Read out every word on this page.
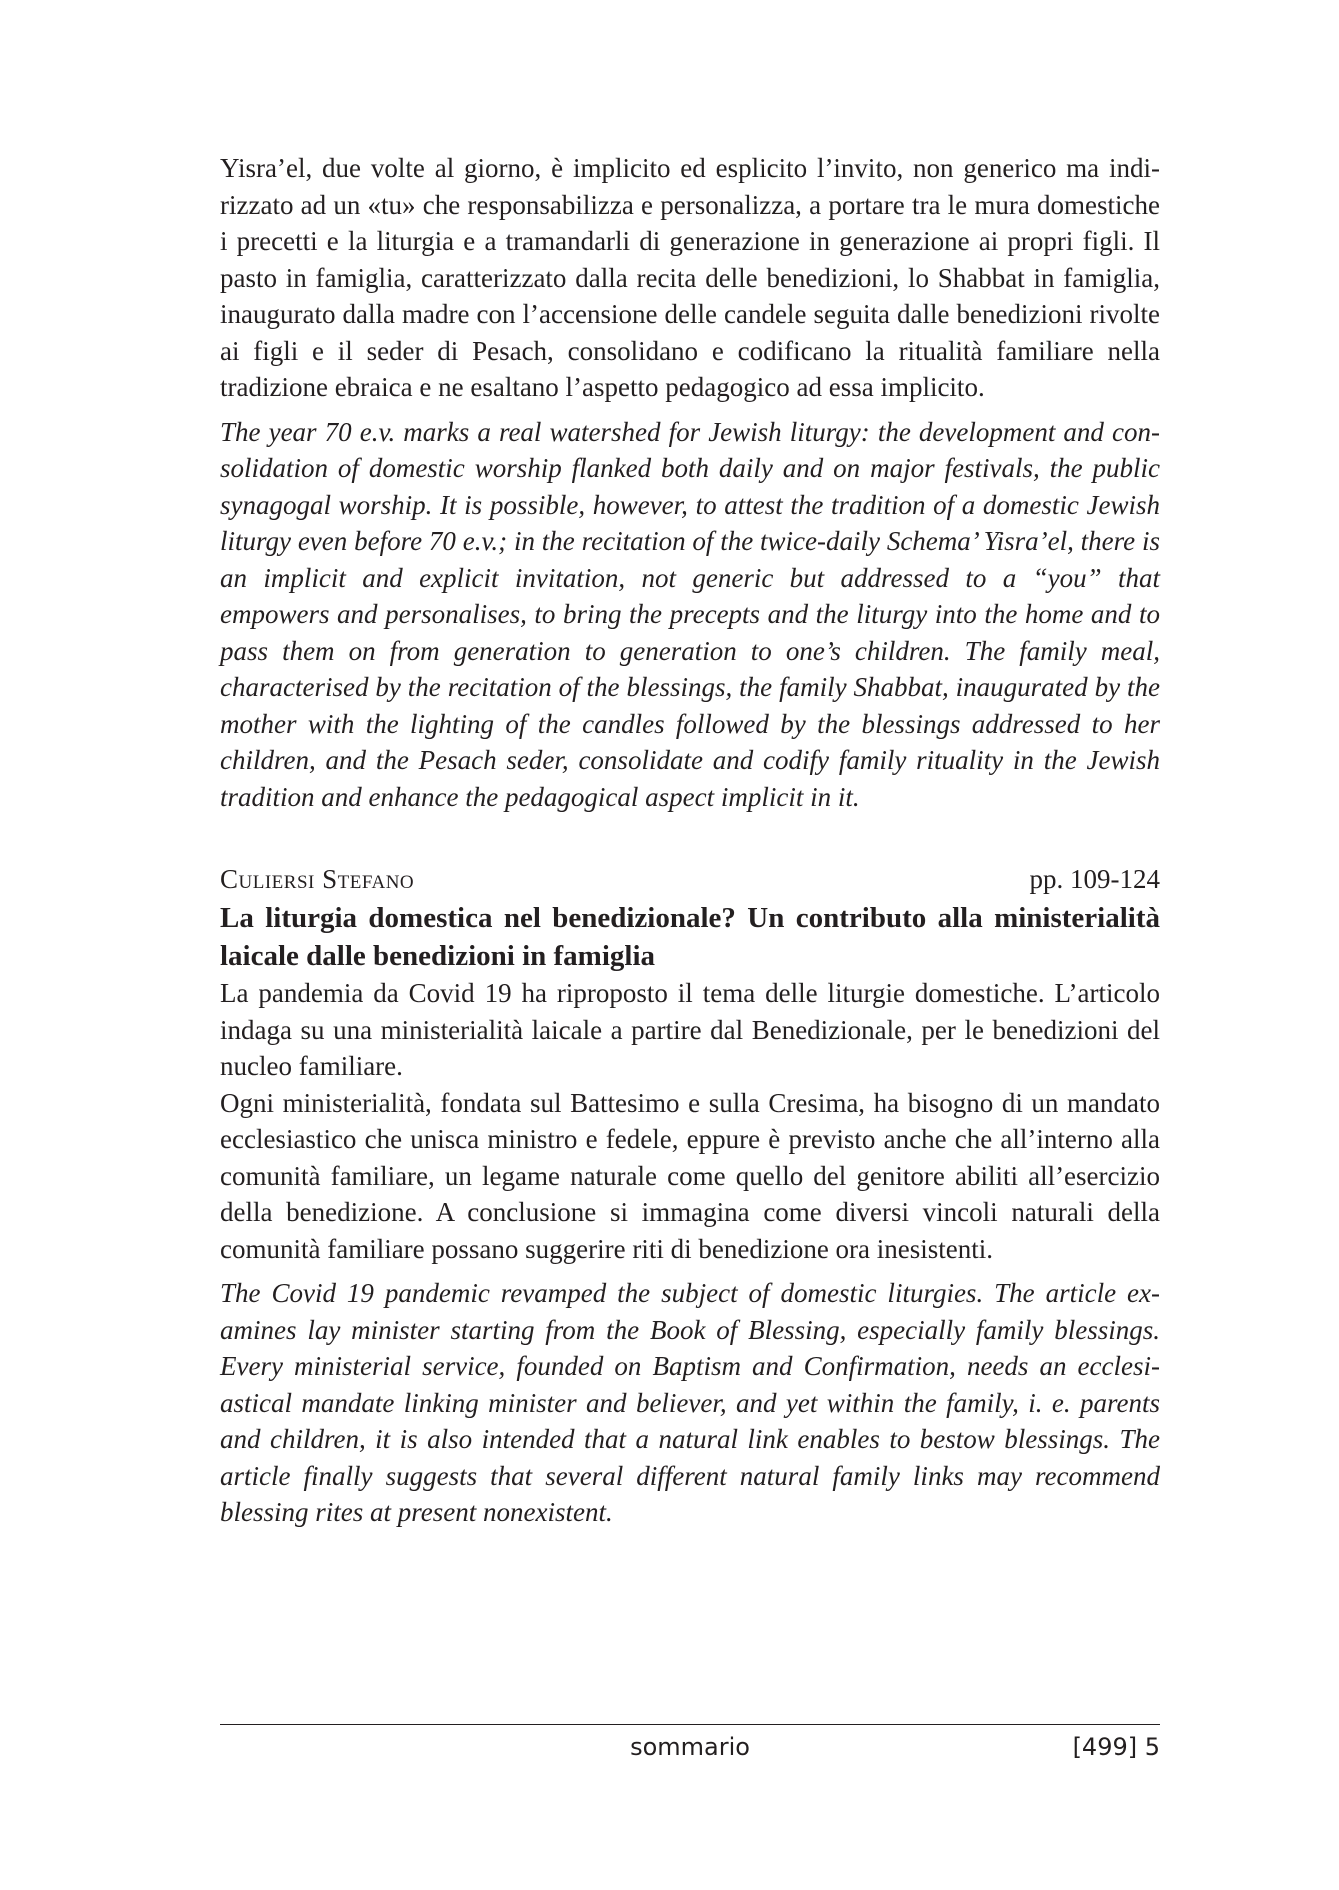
Yisra’el, due volte al giorno, è implicito ed esplicito l’invito, non generico ma indirizzato ad un «tu» che responsabilizza e personalizza, a portare tra le mura domestiche i precetti e la liturgia e a tramandarli di generazione in generazione ai propri figli. Il pasto in famiglia, caratterizzato dalla recita delle benedizioni, lo Shabbat in famiglia, inaugurato dalla madre con l’accensione delle candele seguita dalle benedizioni rivolte ai figli e il seder di Pesach, consolidano e codificano la ritualità familiare nella tradizione ebraica e ne esaltano l’aspetto pedagogico ad essa implicito.

The year 70 e.v. marks a real watershed for Jewish liturgy: the development and consolidation of domestic worship flanked both daily and on major festivals, the public synagogal worship. It is possible, however, to attest the tradition of a domestic Jewish liturgy even before 70 e.v.; in the recitation of the twice-daily Schema’ Yisra’el, there is an implicit and explicit invitation, not generic but addressed to a “you” that empowers and personalises, to bring the precepts and the liturgy into the home and to pass them on from generation to generation to one’s children. The family meal, characterised by the recitation of the blessings, the family Shabbat, inaugurated by the mother with the lighting of the candles followed by the blessings addressed to her children, and the Pesach seder, consolidate and codify family rituality in the Jewish tradition and enhance the pedagogical aspect implicit in it.

Culiersi Stefano	pp. 109-124
La liturgia domestica nel benedizionale? Un contributo alla ministerialità laicale dalle benedizioni in famiglia

La pandemia da Covid 19 ha riproposto il tema delle liturgie domestiche. L’articolo indaga su una ministerialità laicale a partire dal Benedizionale, per le benedizioni del nucleo familiare.

Ogni ministerialità, fondata sul Battesimo e sulla Cresima, ha bisogno di un mandato ecclesiastico che unisca ministro e fedele, eppure è previsto anche che all’interno alla comunità familiare, un legame naturale come quello del genitore abiliti all’esercizio della benedizione. A conclusione si immagina come diversi vincoli naturali della comunità familiare possano suggerire riti di benedizione ora inesistenti.

The Covid 19 pandemic revamped the subject of domestic liturgies. The article examines lay minister starting from the Book of Blessing, especially family blessings. Every ministerial service, founded on Baptism and Confirmation, needs an ecclesiastical mandate linking minister and believer, and yet within the family, i. e. parents and children, it is also intended that a natural link enables to bestow blessings. The article finally suggests that several different natural family links may recommend blessing rites at present nonexistent.

sommario	[499] 5
